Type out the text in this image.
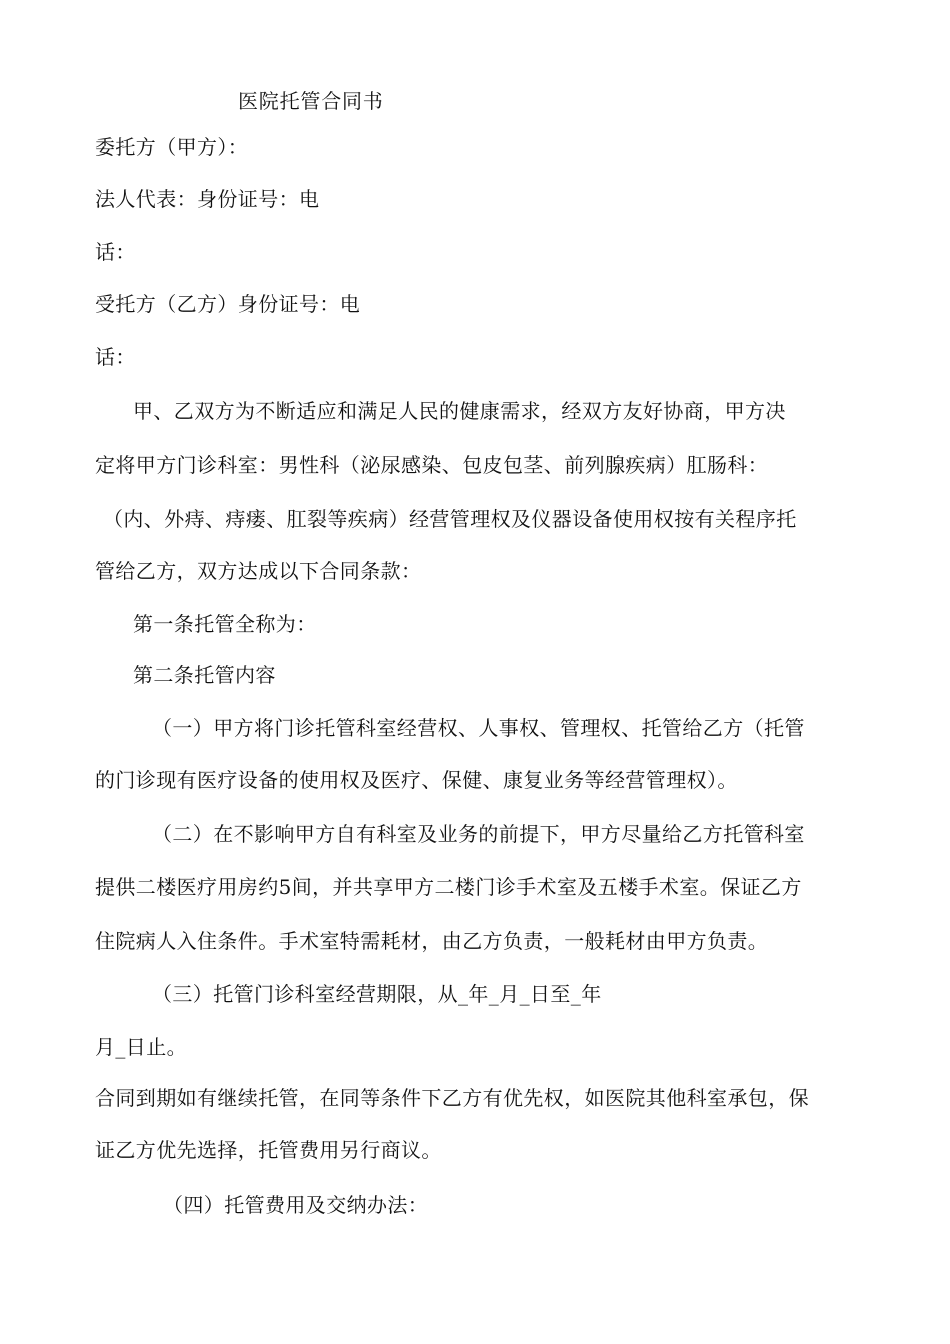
医院托管合同书
委托方（甲方）：
法人代表：身份证号：电
话：
受托方（乙方）身份证号：电
话：
甲、乙双方为不断适应和满足人民的健康需求，经双方友好协商，甲方决
定将甲方门诊科室：男性科（泌尿感染、包皮包茎、前列腺疾病）肛肠科：
（内、外痔、痔瘘、肛裂等疾病）经营管理权及仪器设备使用权按有关程序托
管给乙方，双方达成以下合同条款：
第一条托管全称为：
第二条托管内容
（一）甲方将门诊托管科室经营权、人事权、管理权、托管给乙方（托管
的门诊现有医疗设备的使用权及医疗、保健、康复业务等经营管理权）。
（二）在不影响甲方自有科室及业务的前提下，甲方尽量给乙方托管科室
提供二楼医疗用房约5间，并共享甲方二楼门诊手术室及五楼手术室。保证乙方
住院病人入住条件。手术室特需耗材，由乙方负责，一般耗材由甲方负责。
（三）托管门诊科室经营期限，从_年_月_日至_年
月_日止。
合同到期如有继续托管，在同等条件下乙方有优先权，如医院其他科室承包，保
证乙方优先选择，托管费用另行商议。
（四）托管费用及交纳办法：
